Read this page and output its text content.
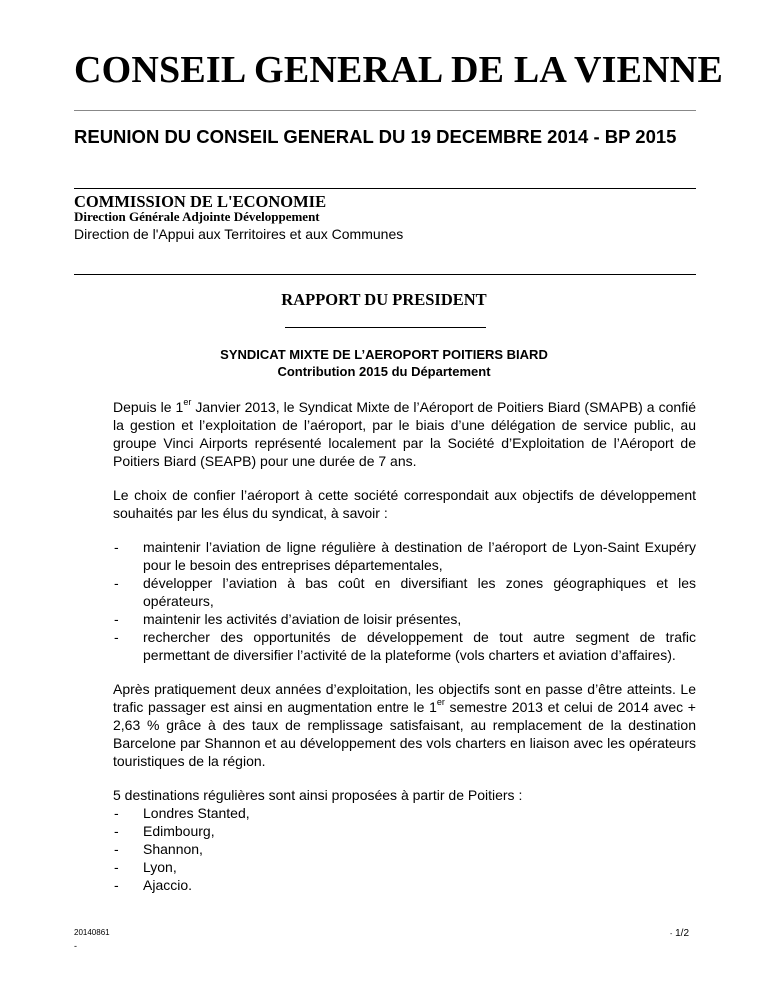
CONSEIL GENERAL DE LA VIENNE
REUNION DU CONSEIL GENERAL DU 19 DECEMBRE 2014 - BP 2015
COMMISSION DE L'ECONOMIE
Direction Générale Adjointe Développement
Direction de l'Appui aux Territoires et aux Communes
RAPPORT DU PRESIDENT
SYNDICAT MIXTE DE L’AEROPORT POITIERS BIARD
Contribution 2015 du Département

Depuis le 1er Janvier 2013, le Syndicat Mixte de l’Aéroport de Poitiers Biard (SMAPB) a confié la gestion et l’exploitation de l’aéroport, par le biais d’une délégation de service public, au groupe Vinci Airports représenté localement par la Société d’Exploitation de l’Aéroport de Poitiers Biard (SEAPB) pour une durée de 7 ans.

Le choix de confier l’aéroport à cette société correspondait aux objectifs de développement souhaités par les élus du syndicat, à savoir :

- maintenir l’aviation de ligne régulière à destination de l’aéroport de Lyon-Saint Exupéry pour le besoin des entreprises départementales,
- développer l’aviation à bas coût en diversifiant les zones géographiques et les opérateurs,
- maintenir les activités d’aviation de loisir présentes,
- rechercher des opportunités de développement de tout autre segment de trafic permettant de diversifier l’activité de la plateforme (vols charters et aviation d’affaires).

Après pratiquement deux années d’exploitation, les objectifs sont en passe d’être atteints. Le trafic passager est ainsi en augmentation entre le 1er semestre 2013 et celui de 2014 avec + 2,63 % grâce à des taux de remplissage satisfaisant, au remplacement de la destination Barcelone par Shannon et au développement des vols charters en liaison avec les opérateurs touristiques de la région.

5 destinations régulières sont ainsi proposées à partir de Poitiers :
- Londres Stanted,
- Edimbourg,
- Shannon,
- Lyon,
- Ajaccio.
20140861
-
- 1/2
